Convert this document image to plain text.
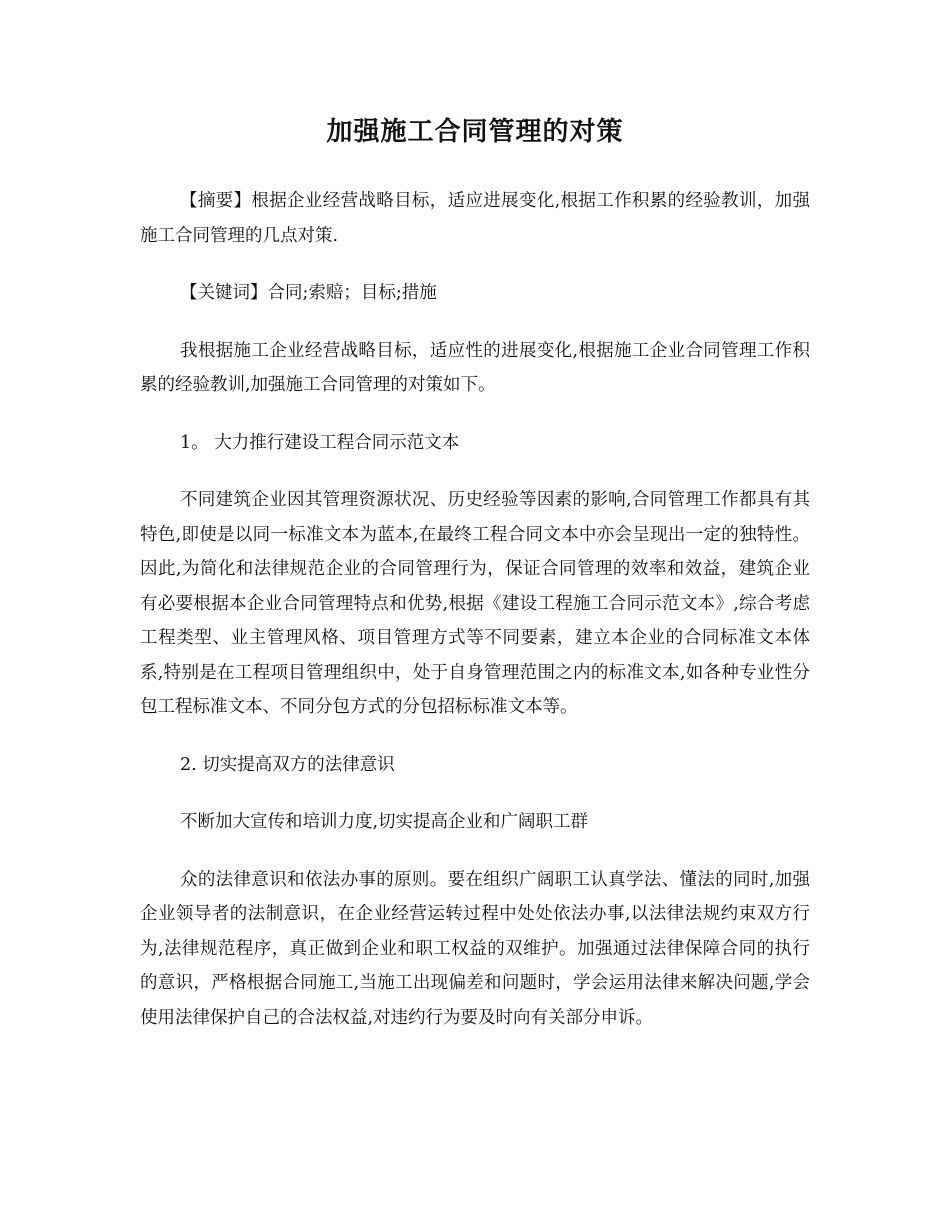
加强施工合同管理的对策

【摘要】根据企业经营战略目标，适应进展变化,根据工作积累的经验教训，加强施工合同管理的几点对策.

【关键词】合同;索赔；目标;措施

我根据施工企业经营战略目标，适应性的进展变化,根据施工企业合同管理工作积累的经验教训,加强施工合同管理的对策如下。

1。 大力推行建设工程合同示范文本

不同建筑企业因其管理资源状况、历史经验等因素的影响,合同管理工作都具有其特色,即使是以同一标准文本为蓝本,在最终工程合同文本中亦会呈现出一定的独特性。因此,为简化和法律规范企业的合同管理行为，保证合同管理的效率和效益，建筑企业有必要根据本企业合同管理特点和优势,根据《建设工程施工合同示范文本》,综合考虑工程类型、业主管理风格、项目管理方式等不同要素，建立本企业的合同标准文本体系,特别是在工程项目管理组织中，处于自身管理范围之内的标准文本,如各种专业性分包工程标准文本、不同分包方式的分包招标标准文本等。

2. 切实提高双方的法律意识

不断加大宣传和培训力度,切实提高企业和广阔职工群

众的法律意识和依法办事的原则。要在组织广阔职工认真学法、懂法的同时,加强企业领导者的法制意识，在企业经营运转过程中处处依法办事,以法律法规约束双方行为,法律规范程序，真正做到企业和职工权益的双维护。加强通过法律保障合同的执行的意识，严格根据合同施工,当施工出现偏差和问题时，学会运用法律来解决问题,学会使用法律保护自己的合法权益,对违约行为要及时向有关部分申诉。
